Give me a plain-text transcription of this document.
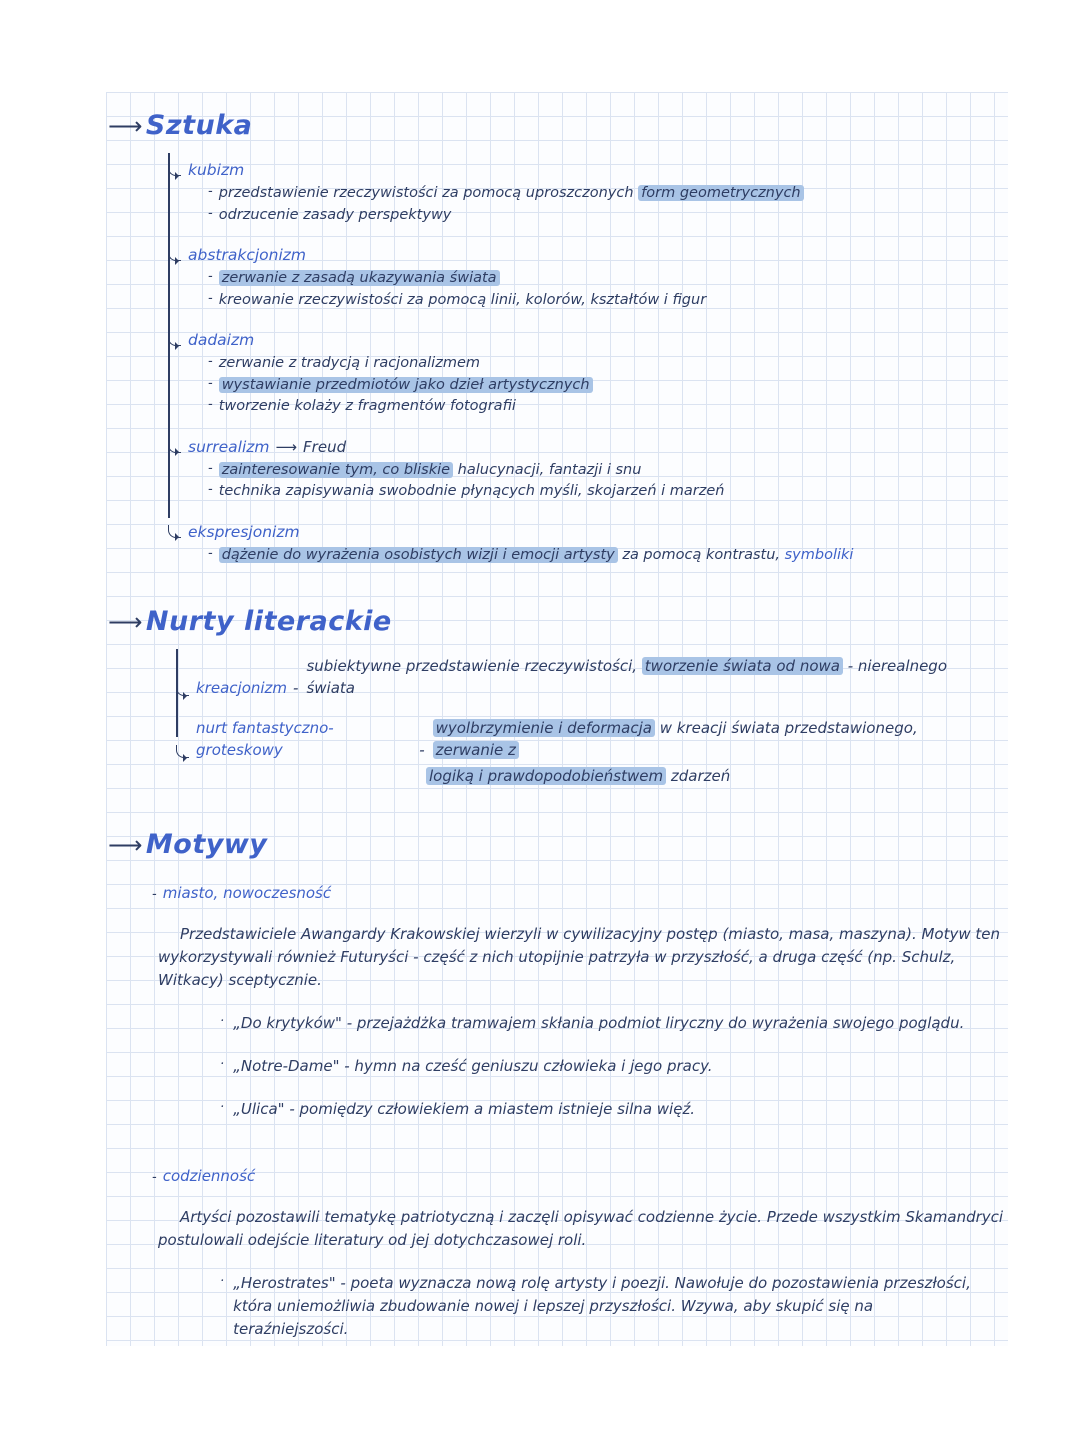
⟶ Sztuka
kubizm
- przedstawienie rzeczywistości za pomocą uproszczonych form geometrycznych
- odrzucenie zasady perspektywy
abstrakcjonizm
- zerwanie z zasadą ukazywania świata
- kreowanie rzeczywistości za pomocą linii, kolorów, kształtów i figur
dadaizm
- zerwanie z tradycją i racjonalizmem
- wystawianie przedmiotów jako dzieł artystycznych
- tworzenie kolaży z fragmentów fotografii
surrealizm ⟶ Freud
- zainteresowanie tym, co bliskie halucynacji, fantazji i snu
- technika zapisywania swobodnie płynących myśli, skojarzeń i marzeń
ekspresjonizm
- dążenie do wyrażenia osobistych wizji i emocji artysty za pomocą kontrastu, symboliki
⟶ Nurty literackie
kreacjonizm -
subiektywne przedstawienie rzeczywistości, tworzenie świata od nowa - nierealnego świata
nurt fantastyczno-groteskowy	-
wyolbrzymienie i deformacja w kreacji świata przedstawionego, zerwanie z
logiką i prawdopodobieństwem zdarzeń
⟶ Motywy
- miasto, nowoczesność

Przedstawiciele Awangardy Krakowskiej wierzyli w cywilizacyjny postęp (miasto, masa, maszyna). Motyw ten wykorzystywali również Futuryści - część z nich utopijnie patrzyła w przyszłość, a druga część (np. Schulz, Witkacy) sceptycznie.

· „Do krytyków" - przejażdżka tramwajem skłania podmiot liryczny do wyrażenia swojego poglądu.
· „Notre-Dame" - hymn na cześć geniuszu człowieka i jego pracy.
· „Ulica" - pomiędzy człowiekiem a miastem istnieje silna więź.
- codzienność

Artyści pozostawili tematykę patriotyczną i zaczęli opisywać codzienne życie. Przede wszystkim Skamandryci postulowali odejście literatury od jej dotychczasowej roli.

· „Herostrates" - poeta wyznacza nową rolę artysty i poezji. Nawołuje do pozostawienia przeszłości, która uniemożliwia zbudowanie nowej i lepszej przyszłości. Wzywa, aby skupić się na teraźniejszości.
